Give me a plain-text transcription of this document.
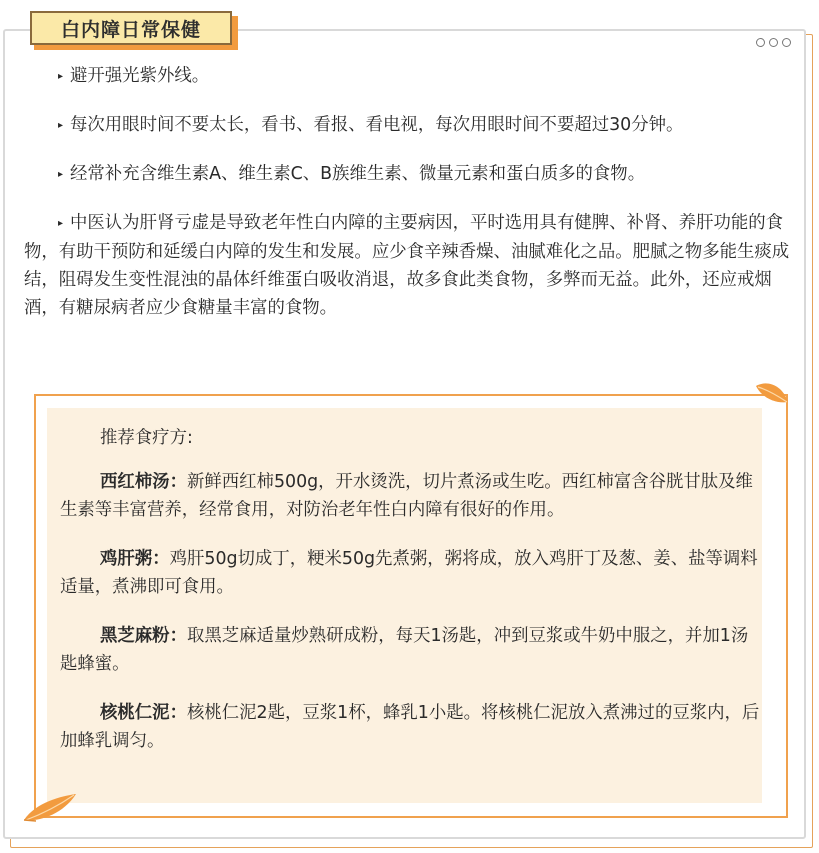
白内障日常保健

▸ 避开强光紫外线。

▸ 每次用眼时间不要太长，看书、看报、看电视，每次用眼时间不要超过30分钟。

▸ 经常补充含维生素A、维生素C、B族维生素、微量元素和蛋白质多的食物。

▸ 中医认为肝肾亏虚是导致老年性白内障的主要病因，平时选用具有健脾、补肾、养肝功能的食物，有助干预防和延缓白内障的发生和发展。应少食辛辣香燥、油腻难化之品。肥腻之物多能生痰成结，阻碍发生变性混浊的晶体纤维蛋白吸收消退，故多食此类食物，多弊而无益。此外，还应戒烟酒，有糖尿病者应少食糖量丰富的食物。

推荐食疗方:

西红柿汤：新鲜西红柿500g，开水烫洗，切片煮汤或生吃。西红柿富含谷胱甘肽及维生素等丰富营养，经常食用，对防治老年性白内障有很好的作用。

鸡肝粥：鸡肝50g切成丁，粳米50g先煮粥，粥将成，放入鸡肝丁及葱、姜、盐等调料适量，煮沸即可食用。

黑芝麻粉：取黑芝麻适量炒熟研成粉，每天1汤匙，冲到豆浆或牛奶中服之，并加1汤匙蜂蜜。

核桃仁泥：核桃仁泥2匙，豆浆1杯，蜂乳1小匙。将核桃仁泥放入煮沸过的豆浆内，后加蜂乳调匀。
